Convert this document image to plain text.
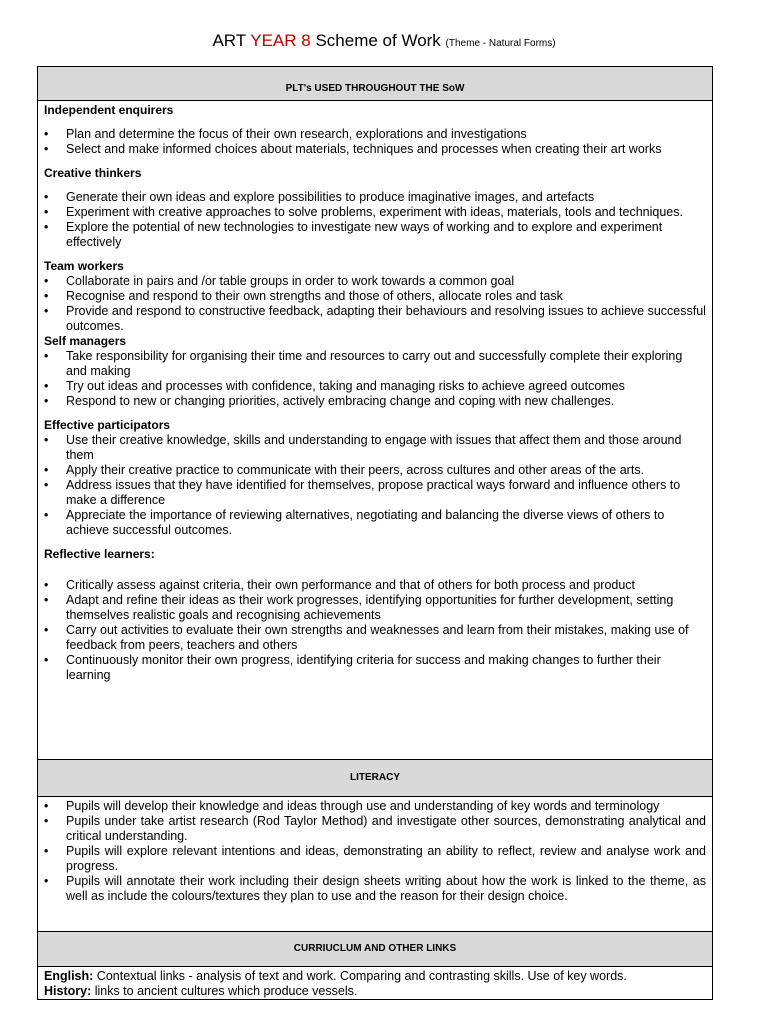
ART YEAR 8 Scheme of Work (Theme - Natural Forms)
PLT's USED THROUGHOUT THE SoW
Independent enquirers
• Plan and determine the focus of their own research, explorations and investigations
• Select and make informed choices about materials, techniques and processes when creating their art works
Creative thinkers
• Generate their own ideas and explore possibilities to produce imaginative images, and artefacts
• Experiment with creative approaches to solve problems, experiment with ideas, materials, tools and techniques.
• Explore the potential of new technologies to investigate new ways of working and to explore and experiment effectively
Team workers
• Collaborate in pairs and /or table groups in order to work towards a common goal
• Recognise and respond to their own strengths and those of others, allocate roles and task
• Provide and respond to constructive feedback, adapting their behaviours and resolving issues to achieve successful outcomes.
Self managers
• Take responsibility for organising their time and resources to carry out and successfully complete their exploring and making
• Try out ideas and processes with confidence, taking and managing risks to achieve agreed outcomes
• Respond to new or changing priorities, actively embracing change and coping with new challenges.
Effective participators
• Use their creative knowledge, skills and understanding to engage with issues that affect them and those around them
• Apply their creative practice to communicate with their peers, across cultures and other areas of the arts.
• Address issues that they have identified for themselves, propose practical ways forward and influence others to make a difference
• Appreciate the importance of reviewing alternatives, negotiating and balancing the diverse views of others to achieve successful outcomes.
Reflective learners:
• Critically assess against criteria, their own performance and that of others for both process and product
• Adapt and refine their ideas as their work progresses, identifying opportunities for further development, setting themselves realistic goals and recognising achievements
• Carry out activities to evaluate their own strengths and weaknesses and learn from their mistakes, making use of feedback from peers, teachers and others
• Continuously monitor their own progress, identifying criteria for success and making changes to further their learning
LITERACY
• Pupils will develop their knowledge and ideas through use and understanding of key words and terminology
• Pupils under take artist research (Rod Taylor Method) and investigate other sources, demonstrating analytical and critical understanding.
• Pupils will explore relevant intentions and ideas, demonstrating an ability to reflect, review and analyse work and progress.
• Pupils will annotate their work including their design sheets writing about how the work is linked to the theme, as well as include the colours/textures they plan to use and the reason for their design choice.
CURRIUCLUM AND OTHER LINKS
English: Contextual links - analysis of text and work. Comparing and contrasting skills. Use of key words.
History: links to ancient cultures which produce vessels.
